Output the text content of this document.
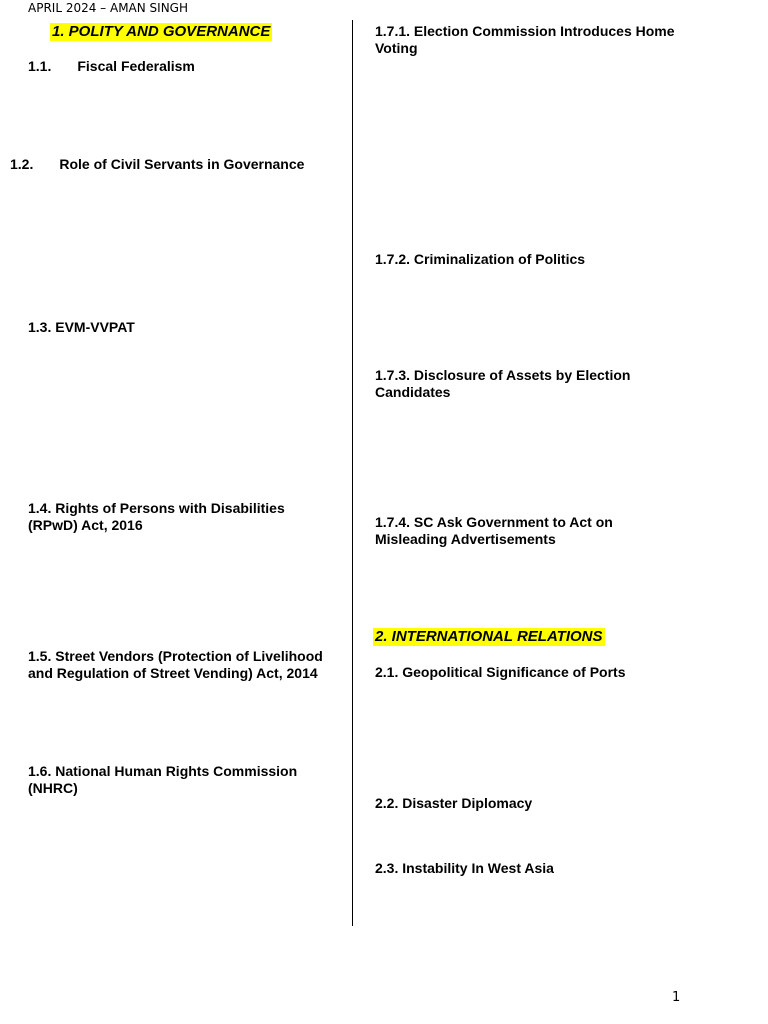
APRIL 2024 – AMAN SINGH
1. POLITY AND GOVERNANCE
1.1. Fiscal Federalism
1.2. Role of Civil Servants in Governance
1.3. EVM-VVPAT
1.4. Rights of Persons with Disabilities
(RPwD) Act, 2016
1.5. Street Vendors (Protection of Livelihood
and Regulation of Street Vending) Act, 2014
1.6. National Human Rights Commission
(NHRC)
1.7.1. Election Commission Introduces Home
Voting
1.7.2. Criminalization of Politics
1.7.3. Disclosure of Assets by Election
Candidates
1.7.4. SC Ask Government to Act on
Misleading Advertisements
2. INTERNATIONAL RELATIONS
2.1. Geopolitical Significance of Ports
2.2. Disaster Diplomacy
2.3. Instability In West Asia
1
